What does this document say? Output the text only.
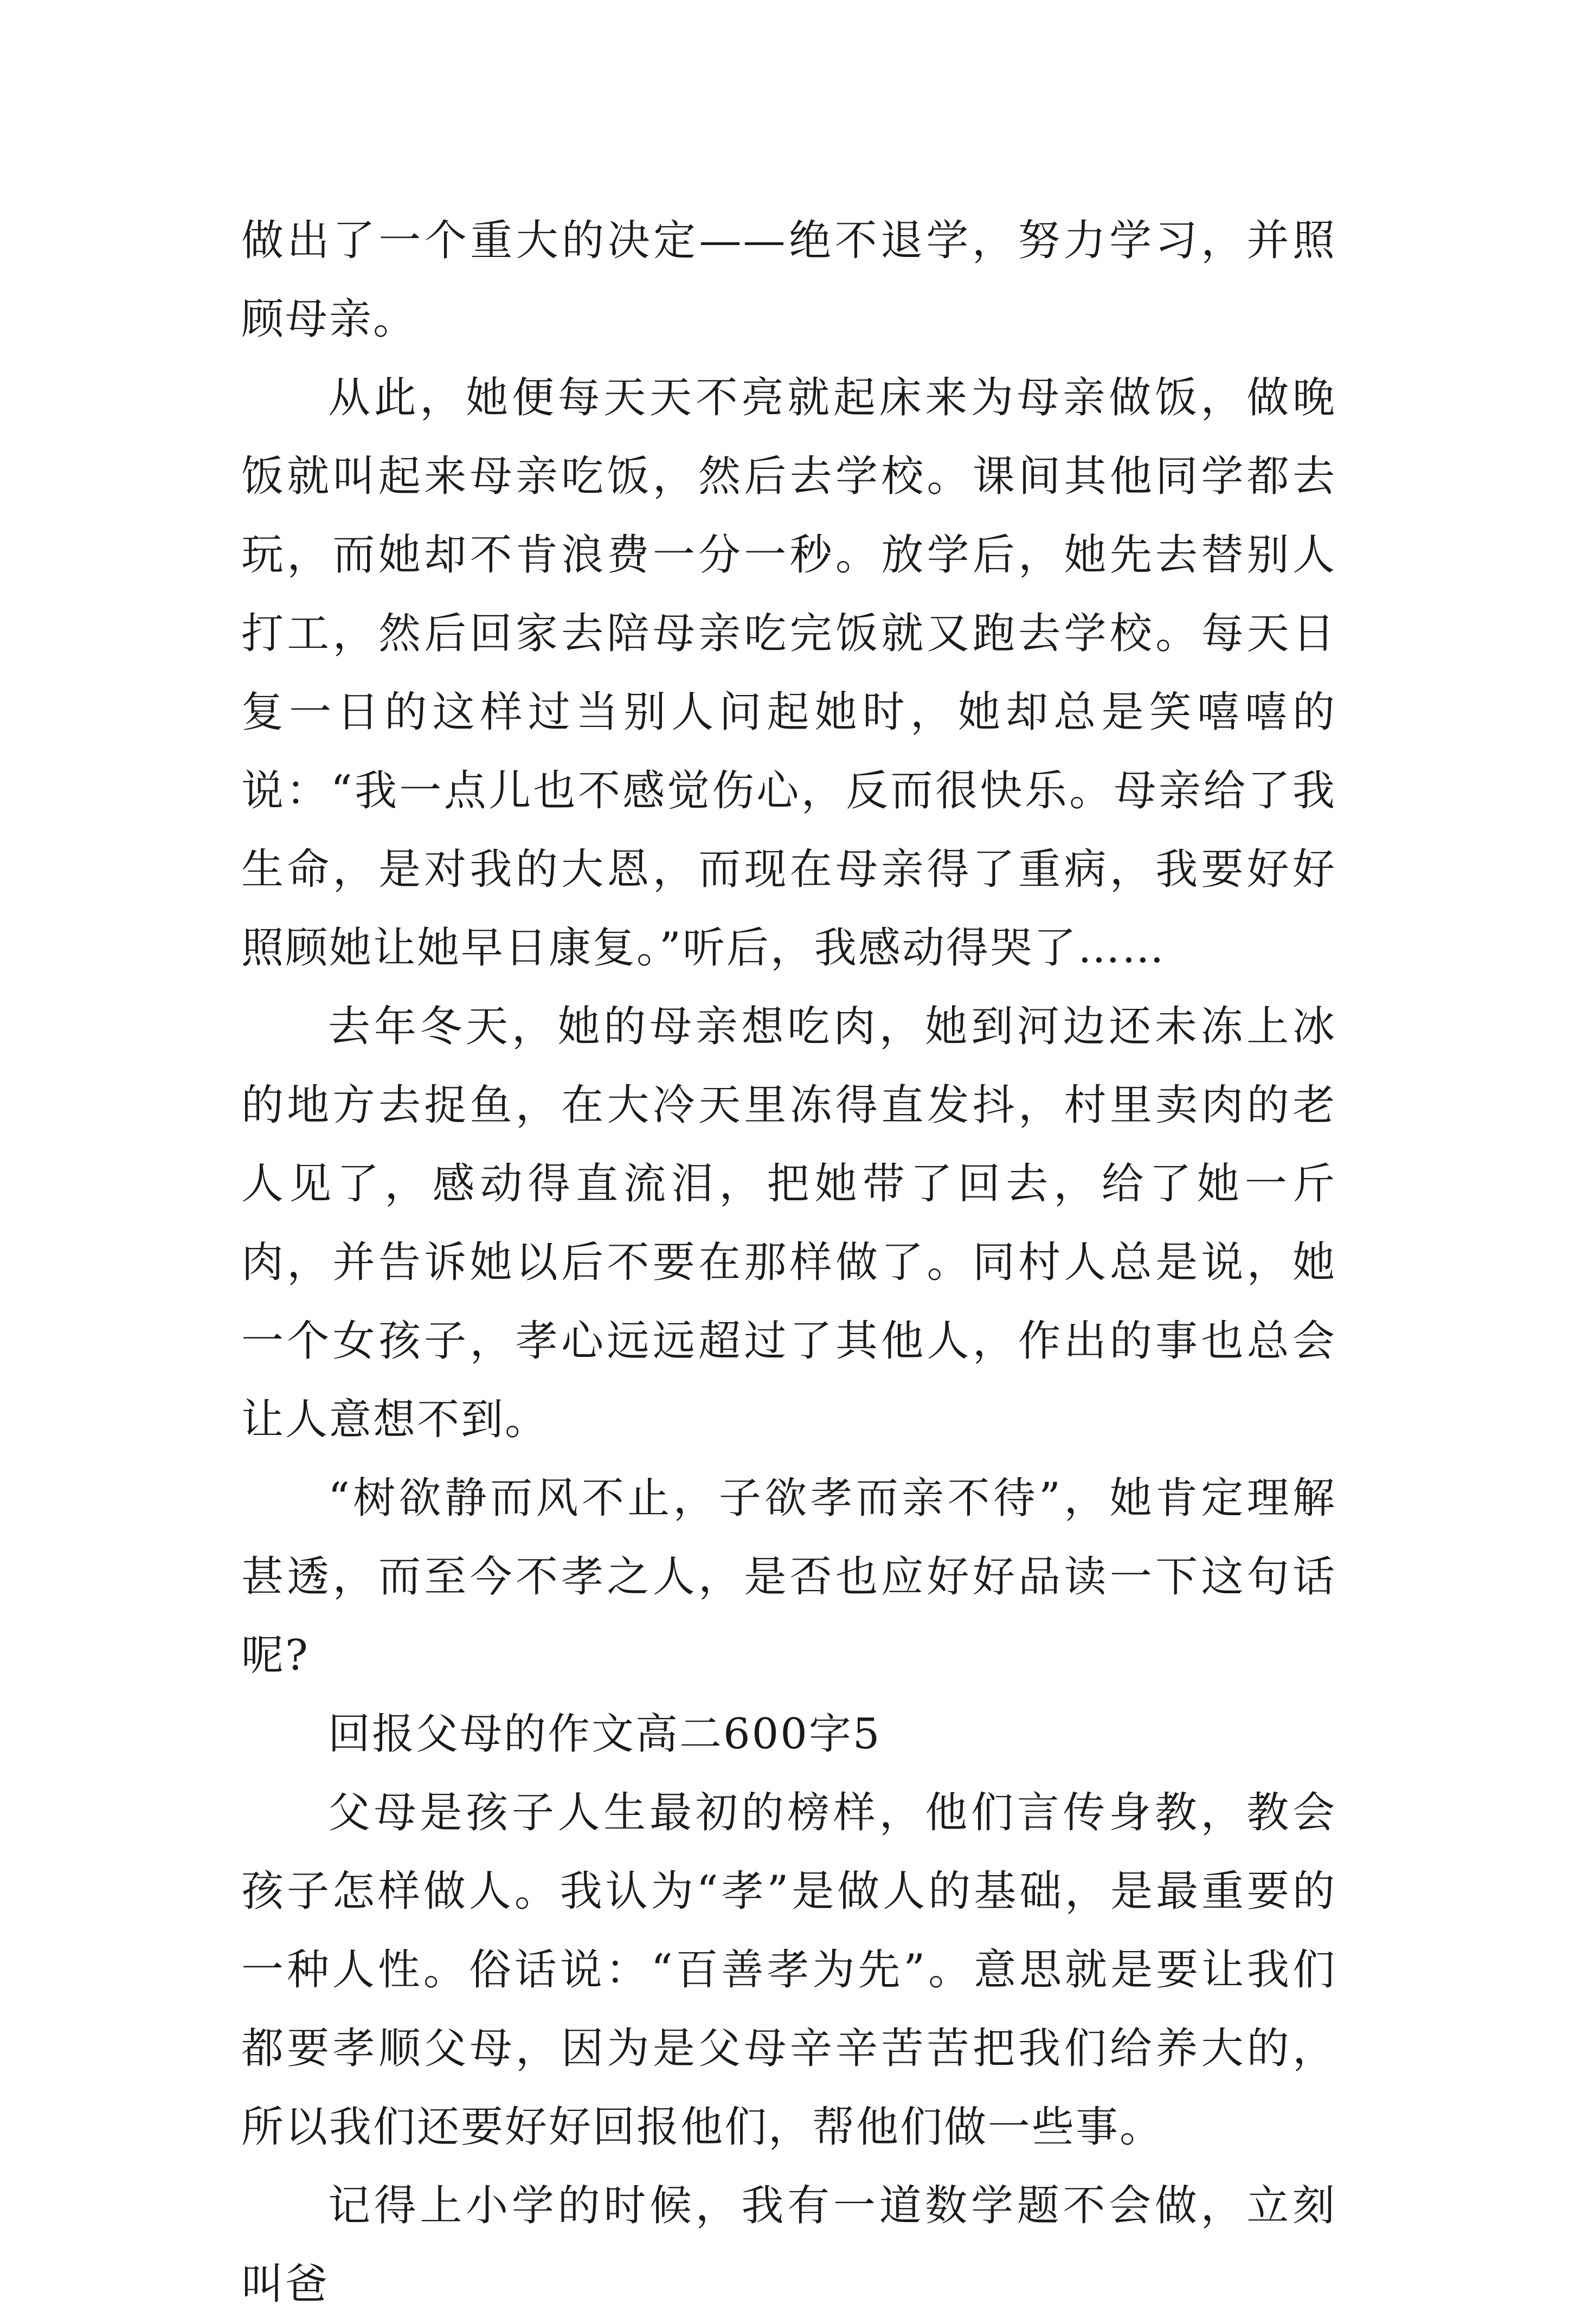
做出了一个重大的决定——绝不退学，努力学习，并照顾母亲。

从此，她便每天天不亮就起床来为母亲做饭，做晚饭就叫起来母亲吃饭，然后去学校。课间其他同学都去玩，而她却不肯浪费一分一秒。放学后，她先去替别人打工，然后回家去陪母亲吃完饭就又跑去学校。每天日复一日的这样过当别人问起她时，她却总是笑嘻嘻的说：“我一点儿也不感觉伤心，反而很快乐。母亲给了我生命，是对我的大恩，而现在母亲得了重病，我要好好照顾她让她早日康复。”听后，我感动得哭了……

去年冬天，她的母亲想吃肉，她到河边还未冻上冰的地方去捉鱼，在大冷天里冻得直发抖，村里卖肉的老人见了，感动得直流泪，把她带了回去，给了她一斤肉，并告诉她以后不要在那样做了。同村人总是说，她一个女孩子，孝心远远超过了其他人，作出的事也总会让人意想不到。

“树欲静而风不止，子欲孝而亲不待”，她肯定理解甚透，而至今不孝之人，是否也应好好品读一下这句话呢?

回报父母的作文高二600字5

父母是孩子人生最初的榜样，他们言传身教，教会孩子怎样做人。我认为“孝”是做人的基础，是最重要的一种人性。俗话说：“百善孝为先”。意思就是要让我们都要孝顺父母，因为是父母辛辛苦苦把我们给养大的，所以我们还要好好回报他们，帮他们做一些事。

记得上小学的时候，我有一道数学题不会做，立刻叫爸
